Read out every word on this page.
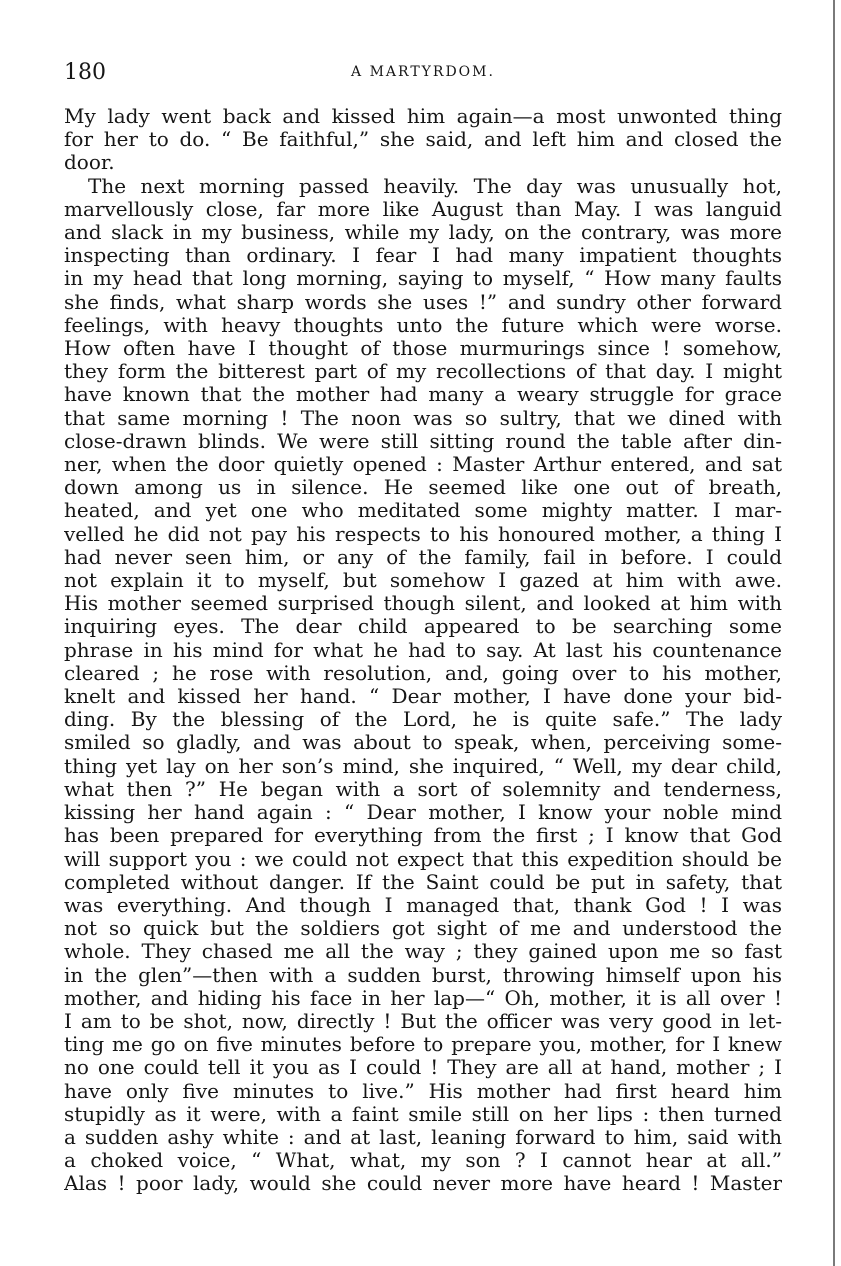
180	A MARTYRDOM.
My lady went back and kissed him again—a most unwonted thing
for her to do. “ Be faithful,” she said, and left him and closed the
door.
The next morning passed heavily. The day was unusually hot,
marvellously close, far more like August than May. I was languid
and slack in my business, while my lady, on the contrary, was more
inspecting than ordinary. I fear I had many impatient thoughts
in my head that long morning, saying to myself, “ How many faults
she finds, what sharp words she uses !” and sundry other forward
feelings, with heavy thoughts unto the future which were worse.
How often have I thought of those murmurings since ! somehow,
they form the bitterest part of my recollections of that day. I might
have known that the mother had many a weary struggle for grace
that same morning ! The noon was so sultry, that we dined with
close-drawn blinds. We were still sitting round the table after din-
ner, when the door quietly opened : Master Arthur entered, and sat
down among us in silence. He seemed like one out of breath,
heated, and yet one who meditated some mighty matter. I mar-
velled he did not pay his respects to his honoured mother, a thing I
had never seen him, or any of the family, fail in before. I could
not explain it to myself, but somehow I gazed at him with awe.
His mother seemed surprised though silent, and looked at him with
inquiring eyes. The dear child appeared to be searching some
phrase in his mind for what he had to say. At last his countenance
cleared ; he rose with resolution, and, going over to his mother,
knelt and kissed her hand. “ Dear mother, I have done your bid-
ding. By the blessing of the Lord, he is quite safe.” The lady
smiled so gladly, and was about to speak, when, perceiving some-
thing yet lay on her son’s mind, she inquired, “ Well, my dear child,
what then ?” He began with a sort of solemnity and tenderness,
kissing her hand again : “ Dear mother, I know your noble mind
has been prepared for everything from the first ; I know that God
will support you : we could not expect that this expedition should be
completed without danger. If the Saint could be put in safety, that
was everything. And though I managed that, thank God ! I was
not so quick but the soldiers got sight of me and understood the
whole. They chased me all the way ; they gained upon me so fast
in the glen”—then with a sudden burst, throwing himself upon his
mother, and hiding his face in her lap—“ Oh, mother, it is all over !
I am to be shot, now, directly ! But the officer was very good in let-
ting me go on five minutes before to prepare you, mother, for I knew
no one could tell it you as I could ! They are all at hand, mother ; I
have only five minutes to live.” His mother had first heard him
stupidly as it were, with a faint smile still on her lips : then turned
a sudden ashy white : and at last, leaning forward to him, said with
a choked voice, “ What, what, my son ? I cannot hear at all.”
Alas ! poor lady, would she could never more have heard ! Master
